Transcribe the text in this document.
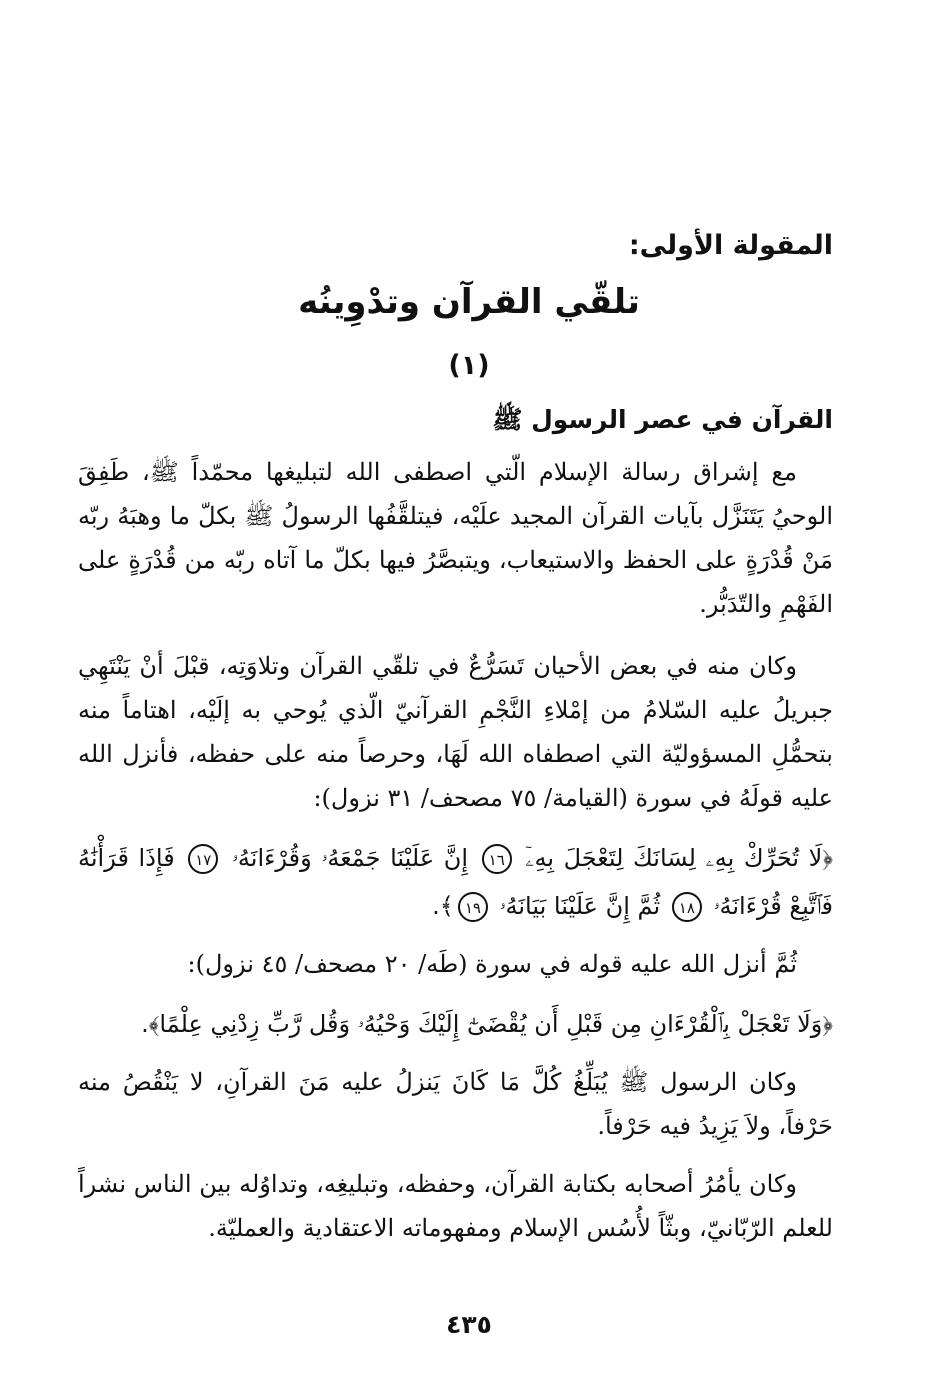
المقولة الأولى:
تلقّي القرآن وتدْوِينُه
(١)
القرآن في عصر الرسول ﷺ

مع إشراق رسالة الإسلام الّتي اصطفى الله لتبليغها محمّداً ﷺ، طَفِقَ الوحيُ يَتَنَزَّل بآيات القرآن المجيد علَيْه، فيتلقَّفُها الرسولُ ﷺ بكلّ ما وهبَهُ ربّه مَنْ قُدْرَةٍ على الحفظ والاستيعاب، ويتبصَّرُ فيها بكلّ ما آتاه ربّه من قُدْرَةٍ على الفَهْمِ والتّدَبُّر.

وكان منه في بعض الأحيان تَسَرُّعٌ في تلقّي القرآن وتلاوَتِه، قبْلَ أنْ يَنْتَهِي جبريلُ عليه السّلامُ من إمْلاءِ النَّجْمِ القرآنيّ الّذي يُوحي به إلَيْه، اهتاماً منه بتحمُّلِ المسؤوليّة التي اصطفاه الله لَهَا، وحرصاً منه على حفظه، فأنزل الله عليه قولَهُ في سورة (القيامة/ ٧٥ مصحف/ ٣١ نزول):

﴿لَا تُحَرِّكْ بِهِۦ لِسَانَكَ لِتَعْجَلَ بِهِۦٓ ١٦ إِنَّ عَلَيْنَا جَمْعَهُۥ وَقُرْءَانَهُۥ ١٧ فَإِذَا قَرَأْنَٰهُ فَٱتَّبِعْ قُرْءَانَهُۥ ١٨ ثُمَّ إِنَّ عَلَيْنَا بَيَانَهُۥ ١٩﴾.

ثُمَّ أنزل الله عليه قوله في سورة (طَه/ ٢٠ مصحف/ ٤٥ نزول):

﴿وَلَا تَعْجَلْ بِٱلْقُرْءَانِ مِن قَبْلِ أَن يُقْضَىٰٓ إِلَيْكَ وَحْيُهُۥ وَقُل رَّبِّ زِدْنِي عِلْمًا﴾.

وكان الرسول ﷺ يُبَلِّغُ كُلَّ مَا كَانَ يَنزلُ عليه مَنَ القرآنِ، لا يَنْقُصُ منه حَرْفاً، ولاَ يَزِيدُ فيه حَرْفاً.

وكان يأمُرُ أصحابه بكتابة القرآن، وحفظه، وتبليغِه، وتداوُله بين الناس نشراً للعلم الرّبّانيّ، وبثّاً لأُسُس الإسلام ومفهوماته الاعتقادية والعمليّة.

٤٣٥
